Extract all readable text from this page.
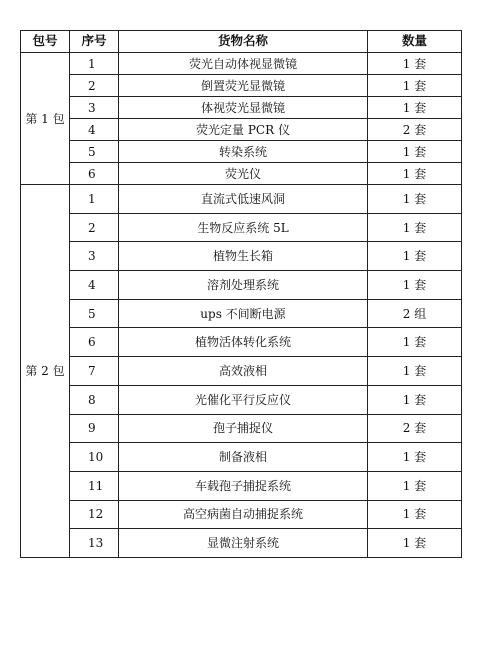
包号	序号	货物名称	数量
第 1 包	1	荧光自动体视显微镜	1 套
	2	倒置荧光显微镜	1 套
	3	体视荧光显微镜	1 套
	4	荧光定量 PCR 仪	2 套
	5	转染系统	1 套
	6	荧光仪	1 套
第 2 包	1	直流式低速风洞	1 套
	2	生物反应系统 5L	1 套
	3	植物生长箱	1 套
	4	溶剂处理系统	1 套
	5	ups 不间断电源	2 组
	6	植物活体转化系统	1 套
	7	高效液相	1 套
	8	光催化平行反应仪	1 套
	9	孢子捕捉仪	2 套
	10	制备液相	1 套
	11	车载孢子捕捉系统	1 套
	12	高空病菌自动捕捉系统	1 套
	13	显微注射系统	1 套
